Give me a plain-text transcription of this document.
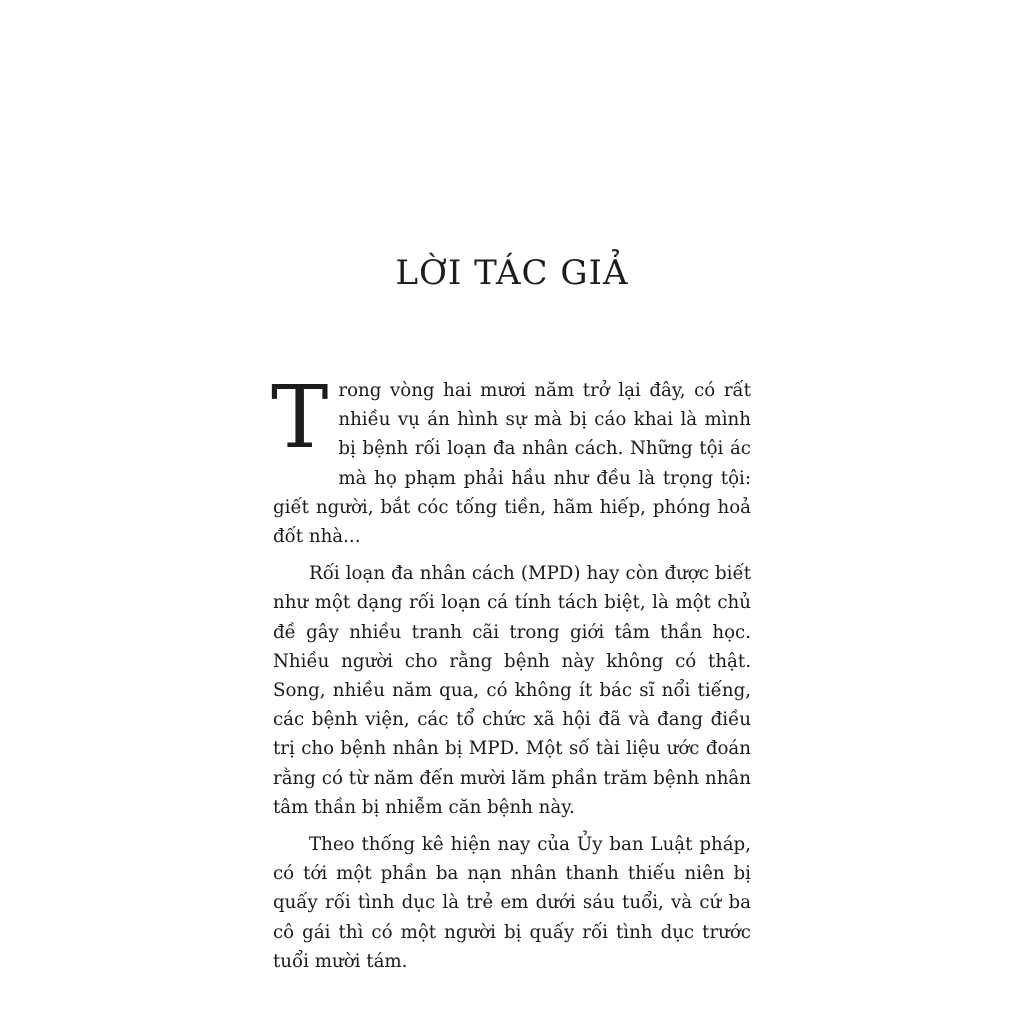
LỜI TÁC GIẢ

Trong vòng hai mươi năm trở lại đây, có rất nhiều vụ án hình sự mà bị cáo khai là mình bị bệnh rối loạn đa nhân cách. Những tội ác mà họ phạm phải hầu như đều là trọng tội: giết người, bắt cóc tống tiền, hãm hiếp, phóng hoả đốt nhà...

Rối loạn đa nhân cách (MPD) hay còn được biết như một dạng rối loạn cá tính tách biệt, là một chủ đề gây nhiều tranh cãi trong giới tâm thần học. Nhiều người cho rằng bệnh này không có thật. Song, nhiều năm qua, có không ít bác sĩ nổi tiếng, các bệnh viện, các tổ chức xã hội đã và đang điều trị cho bệnh nhân bị MPD. Một số tài liệu ước đoán rằng có từ năm đến mười lăm phần trăm bệnh nhân tâm thần bị nhiễm căn bệnh này.

Theo thống kê hiện nay của Ủy ban Luật pháp, có tới một phần ba nạn nhân thanh thiếu niên bị quấy rối tình dục là trẻ em dưới sáu tuổi, và cứ ba cô gái thì có một người bị quấy rối tình dục trước tuổi mười tám.
